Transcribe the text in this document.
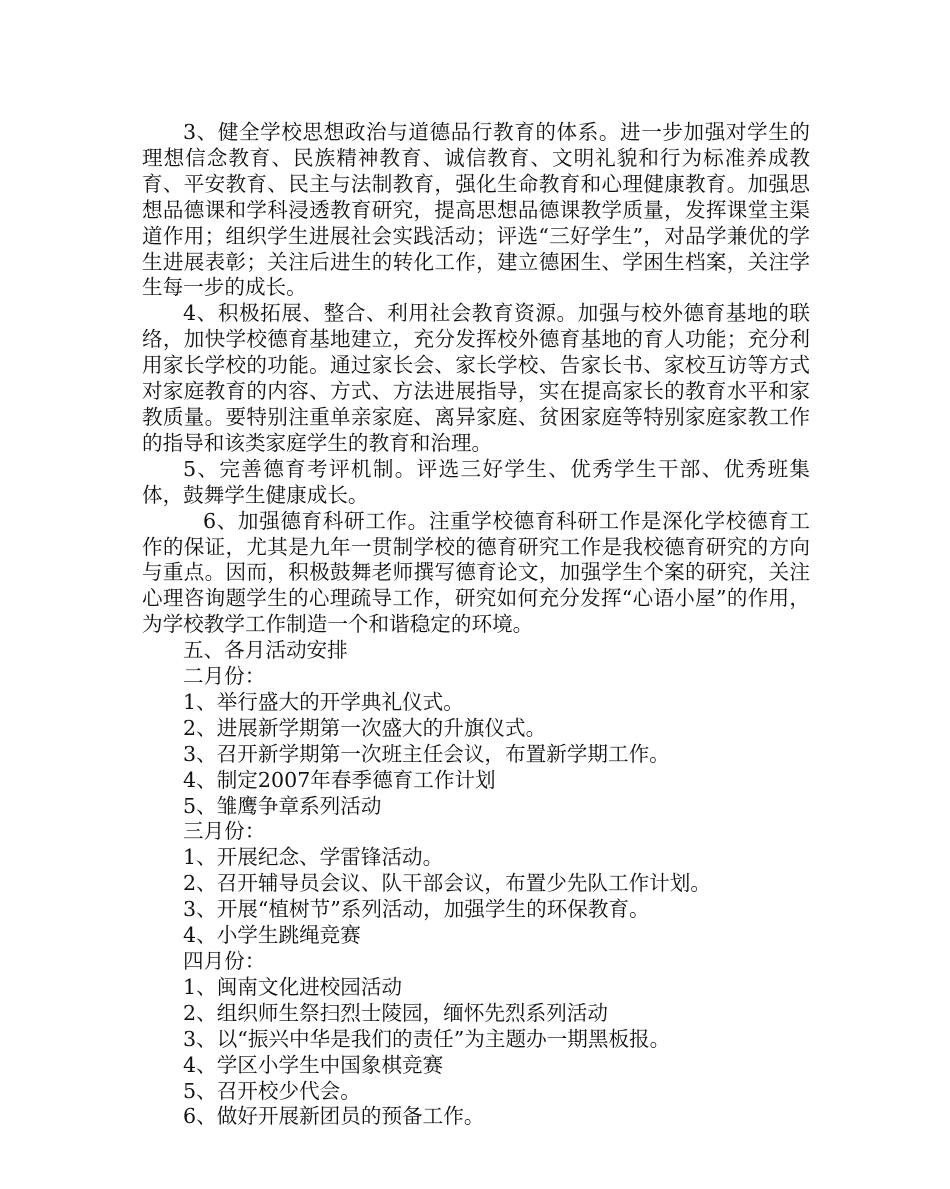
3、健全学校思想政治与道德品行教育的体系。进一步加强对学生的理想信念教育、民族精神教育、诚信教育、文明礼貌和行为标准养成教育、平安教育、民主与法制教育，强化生命教育和心理健康教育。加强思想品德课和学科浸透教育研究，提高思想品德课教学质量，发挥课堂主渠道作用；组织学生进展社会实践活动；评选“三好学生”，对品学兼优的学生进展表彰；关注后进生的转化工作，建立德困生、学困生档案，关注学生每一步的成长。

4、积极拓展、整合、利用社会教育资源。加强与校外德育基地的联络，加快学校德育基地建立，充分发挥校外德育基地的育人功能；充分利用家长学校的功能。通过家长会、家长学校、告家长书、家校互访等方式对家庭教育的内容、方式、方法进展指导，实在提高家长的教育水平和家教质量。要特别注重单亲家庭、离异家庭、贫困家庭等特别家庭家教工作的指导和该类家庭学生的教育和治理。

5、完善德育考评机制。评选三好学生、优秀学生干部、优秀班集体，鼓舞学生健康成长。

6、加强德育科研工作。注重学校德育科研工作是深化学校德育工作的保证，尤其是九年一贯制学校的德育研究工作是我校德育研究的方向与重点。因而，积极鼓舞老师撰写德育论文，加强学生个案的研究，关注心理咨询题学生的心理疏导工作，研究如何充分发挥“心语小屋”的作用，为学校教学工作制造一个和谐稳定的环境。

五、各月活动安排

二月份：

1、举行盛大的开学典礼仪式。

2、进展新学期第一次盛大的升旗仪式。

3、召开新学期第一次班主任会议，布置新学期工作。

4、制定2007年春季德育工作计划

5、雏鹰争章系列活动

三月份：

1、开展纪念、学雷锋活动。

2、召开辅导员会议、队干部会议，布置少先队工作计划。

3、开展“植树节”系列活动，加强学生的环保教育。

4、小学生跳绳竞赛

四月份：

1、闽南文化进校园活动

2、组织师生祭扫烈士陵园，缅怀先烈系列活动

3、以“振兴中华是我们的责任”为主题办一期黑板报。

4、学区小学生中国象棋竞赛

5、召开校少代会。

6、做好开展新团员的预备工作。
